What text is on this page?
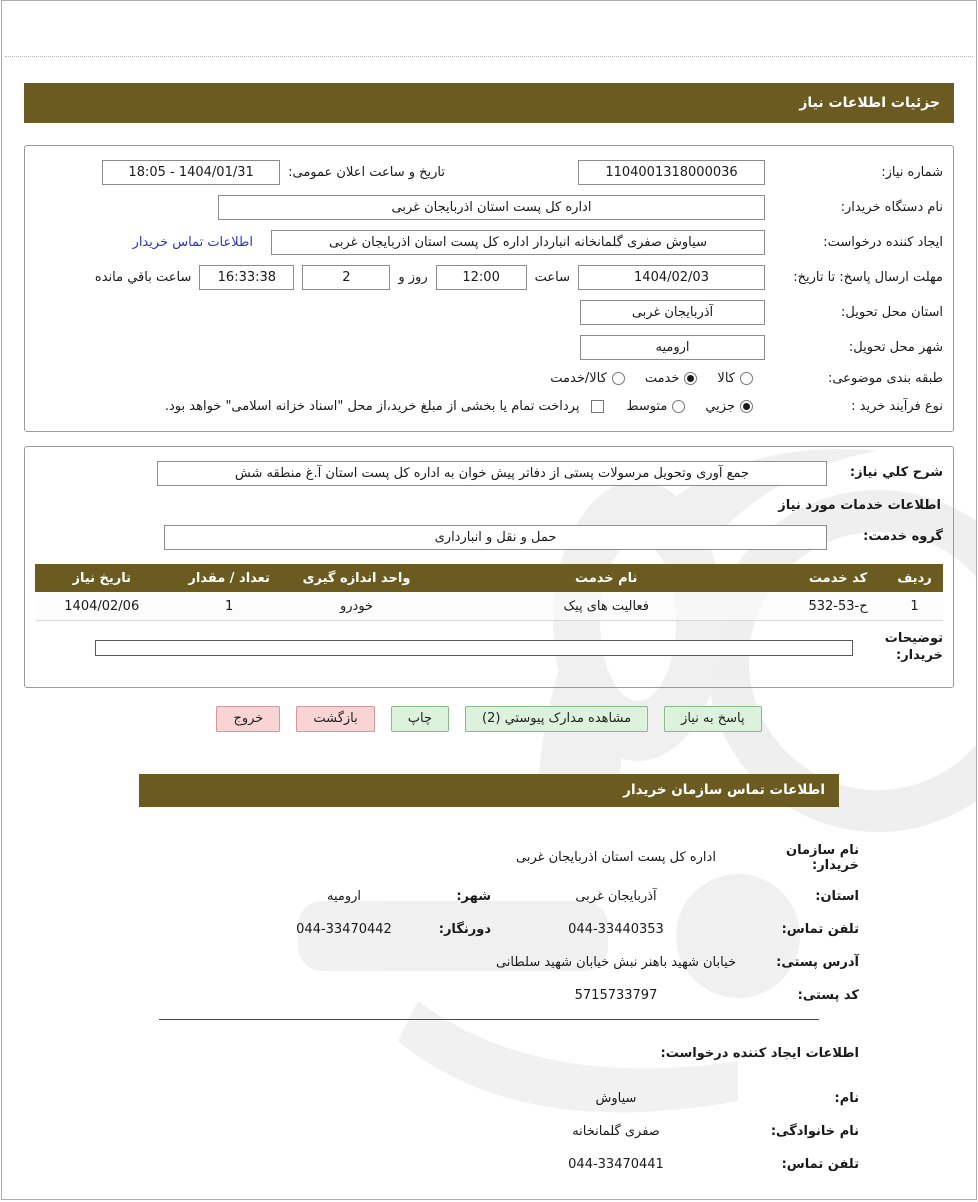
جزئیات اطلاعات نیاز
شماره نیاز:
1104001318000036
تاریخ و ساعت اعلان عمومی:
18:05 - 1404/01/31
نام دستگاه خریدار:
اداره کل پست استان اذربایجان غربی
ایجاد کننده درخواست:
سیاوش صفری گلمانخانه انباردار اداره کل پست استان اذربایجان غربی
اطلاعات تماس خریدار
مهلت ارسال پاسخ: تا تاریخ:
1404/02/03
ساعت
12:00
روز و
2
16:33:38
ساعت باقي مانده
استان محل تحویل:
آذربایجان غربی
شهر محل تحویل:
ارومیه
طبقه بندی موضوعی:
کالا
خدمت
کالا/خدمت
نوع فرآیند خرید :
جزيي
متوسط
پرداخت تمام یا بخشی از مبلغ خرید،از محل "اسناد خزانه اسلامی" خواهد بود.
شرح كلي نياز:
جمع آوری وتحویل مرسولات پستی از دفاتر پیش خوان به اداره کل پست استان آ.غ منطقه شش
اطلاعات خدمات مورد نیاز
گروه خدمت:
حمل و نقل و انبارداری
ردیف	کد خدمت	نام خدمت	واحد اندازه گیری	تعداد / مقدار	تاریخ نیاز
1	ح-53-532	فعالیت های پیک	خودرو	1	1404/02/06
توضیحات خریدار:
پاسخ به نیاز
مشاهده مدارک پیوستي (2)
چاپ
بازگشت
خروج
اطلاعات تماس سازمان خریدار
نام سازمان خریدار:
اداره کل پست استان اذربایجان غربی
استان:
آذربایجان غربی
شهر:
ارومیه
تلفن تماس:
044-33440353
دورنگار:
044-33470442
آدرس پستی:
خیابان شهید باهنر نبش خیابان شهید سلطانی
کد پستی:
5715733797
اطلاعات ایجاد کننده درخواست:
نام:
سیاوش
نام خانوادگی:
صفری گلمانخانه
تلفن تماس:
044-33470441
